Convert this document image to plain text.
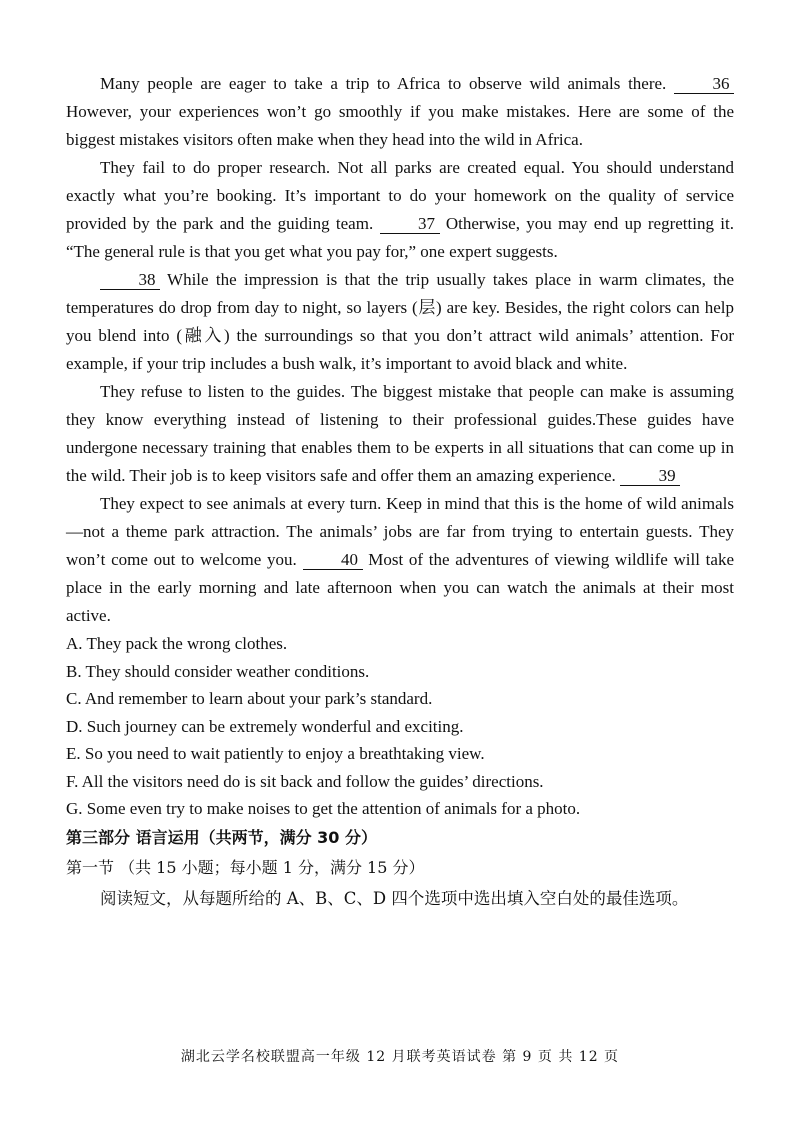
Many people are eager to take a trip to Africa to observe wild animals there. 36 However, your experiences won’t go smoothly if you make mistakes. Here are some of the biggest mistakes visitors often make when they head into the wild in Africa.

They fail to do proper research. Not all parks are created equal. You should understand exactly what you’re booking. It’s important to do your homework on the quality of service provided by the park and the guiding team. 37 Otherwise, you may end up regretting it. “The general rule is that you get what you pay for,” one expert suggests.

38 While the impression is that the trip usually takes place in warm climates, the temperatures do drop from day to night, so layers (层) are key. Besides, the right colors can help you blend into (融入) the surroundings so that you don’t attract wild animals’ attention. For example, if your trip includes a bush walk, it’s important to avoid black and white.

They refuse to listen to the guides. The biggest mistake that people can make is assuming they know everything instead of listening to their professional guides.These guides have undergone necessary training that enables them to be experts in all situations that can come up in the wild. Their job is to keep visitors safe and offer them an amazing experience. 39

They expect to see animals at every turn. Keep in mind that this is the home of wild animals—not a theme park attraction. The animals’ jobs are far from trying to entertain guests. They won’t come out to welcome you. 40 Most of the adventures of viewing wildlife will take place in the early morning and late afternoon when you can watch the animals at their most active.

A. They pack the wrong clothes.

B. They should consider weather conditions.

C. And remember to learn about your park’s standard.

D. Such journey can be extremely wonderful and exciting.

E. So you need to wait patiently to enjoy a breathtaking view.

F. All the visitors need do is sit back and follow the guides’ directions.

G. Some even try to make noises to get the attention of animals for a photo.

第三部分 语言运用（共两节，满分 30 分）

第一节 （共 15 小题；每小题 1 分，满分 15 分）

阅读短文，从每题所给的 A、B、C、D 四个选项中选出填入空白处的最佳选项。

湖北云学名校联盟高一年级 12 月联考英语试卷 第 9 页 共 12 页
